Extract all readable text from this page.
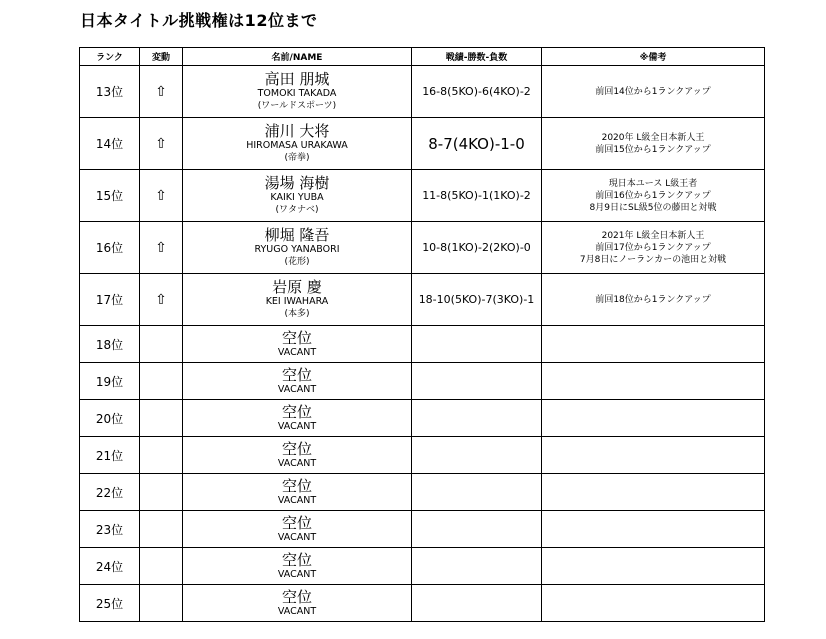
日本タイトル挑戦権は12位まで
ランク	変動	名前/NAME	戦績-勝数-負数	※備考
13位	⇧	高田 朋城
TOMOKI TAKADA
(ワールドスポーツ)	16-8(5KO)-6(4KO)-2	前回14位から1ランクアップ

14位	⇧	浦川 大将
HIROMASA URAKAWA
(帝拳)	8-7(4KO)-1-0	2020年 L級全日本新人王
前回15位から1ランクアップ

15位	⇧	湯場 海樹
KAIKI YUBA
(ワタナベ)	11-8(5KO)-1(1KO)-2	現日本ユース L級王者
前回16位から1ランクアップ
8月9日にSL級5位の藤田と対戦

16位	⇧	柳堀 隆吾
RYUGO YANABORI
(花形)	10-8(1KO)-2(2KO)-0	2021年 L級全日本新人王
前回17位から1ランクアップ
7月8日にノーランカーの池田と対戦

17位	⇧	岩原 慶
KEI IWAHARA
(本多)	18-10(5KO)-7(3KO)-1	前回18位から1ランクアップ

18位		空位
VACANT		

19位		空位
VACANT		

20位		空位
VACANT		

21位		空位
VACANT		

22位		空位
VACANT		

23位		空位
VACANT		

24位		空位
VACANT		

25位		空位
VACANT		
